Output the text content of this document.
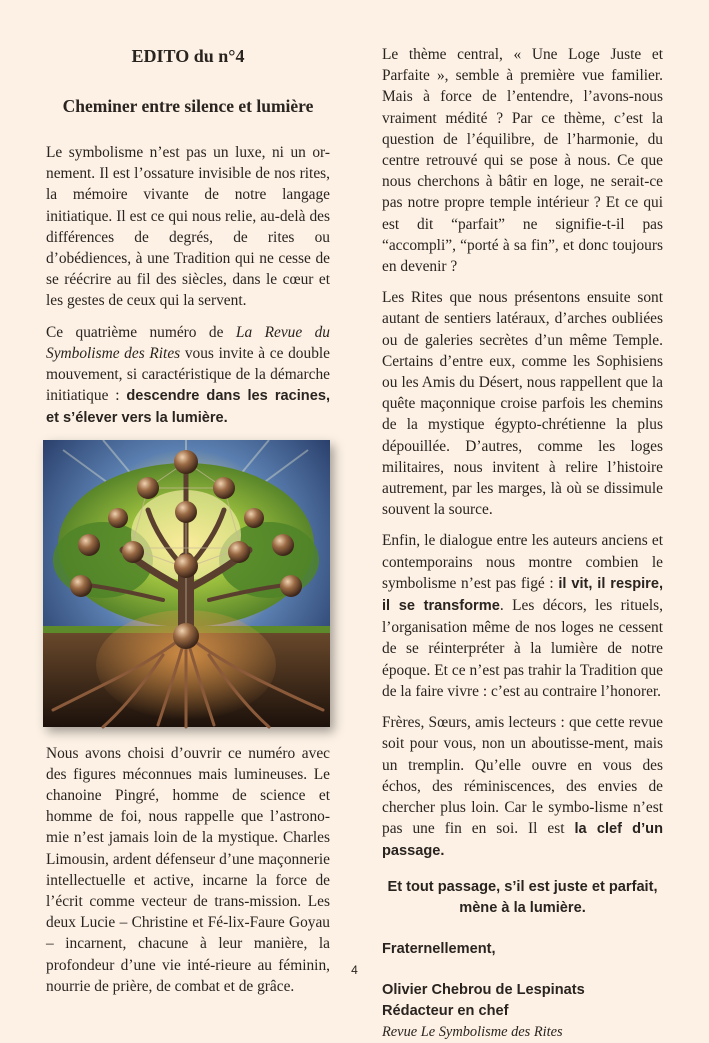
EDITO du n°4
Cheminer entre silence et lumière

Le symbolisme n’est pas un luxe, ni un or-nement. Il est l’ossature invisible de nos rites, la mémoire vivante de notre langage initiatique. Il est ce qui nous relie, au-delà des différences de degrés, de rites ou d’obédiences, à une Tradition qui ne cesse de se réécrire au fil des siècles, dans le cœur et les gestes de ceux qui la servent.

Ce quatrième numéro de La Revue du Symbolisme des Rites vous invite à ce double mouvement, si caractéristique de la démarche initiatique : descendre dans les racines, et s’élever vers la lumière.

Nous avons choisi d’ouvrir ce numéro avec des figures méconnues mais lumineuses. Le chanoine Pingré, homme de science et homme de foi, nous rappelle que l’astrono-mie n’est jamais loin de la mystique. Charles Limousin, ardent défenseur d’une maçonnerie intellectuelle et active, incarne la force de l’écrit comme vecteur de trans-mission. Les deux Lucie – Christine et Fé-lix-Faure Goyau – incarnent, chacune à leur manière, la profondeur d’une vie inté-rieure au féminin, nourrie de prière, de combat et de grâce.

Le thème central, « Une Loge Juste et Parfaite », semble à première vue familier. Mais à force de l’entendre, l’avons-nous vraiment médité ? Par ce thème, c’est la question de l’équilibre, de l’harmonie, du centre retrouvé qui se pose à nous. Ce que nous cherchons à bâtir en loge, ne serait-ce pas notre propre temple intérieur ? Et ce qui est dit “parfait” ne signifie-t-il pas “accompli”, “porté à sa fin”, et donc toujours en devenir ?

Les Rites que nous présentons ensuite sont autant de sentiers latéraux, d’arches oubliées ou de galeries secrètes d’un même Temple. Certains d’entre eux, comme les Sophisiens ou les Amis du Désert, nous rappellent que la quête maçonnique croise parfois les chemins de la mystique égypto-chrétienne la plus dépouillée. D’autres, comme les loges militaires, nous invitent à relire l’histoire autrement, par les marges, là où se dissimule souvent la source.

Enfin, le dialogue entre les auteurs anciens et contemporains nous montre combien le symbolisme n’est pas figé : il vit, il respire, il se transforme. Les décors, les rituels, l’organisation même de nos loges ne cessent de se réinterpréter à la lumière de notre époque. Et ce n’est pas trahir la Tradition que de la faire vivre : c’est au contraire l’honorer.

Frères, Sœurs, amis lecteurs : que cette revue soit pour vous, non un aboutisse-ment, mais un tremplin. Qu’elle ouvre en vous des échos, des réminiscences, des envies de chercher plus loin. Car le symbo-lisme n’est pas une fin en soi. Il est la clef d’un passage.

Et tout passage, s’il est juste et parfait,
mène à la lumière.
Fraternellement,
Olivier Chebrou de Lespinats
Rédacteur en chef
Revue Le Symbolisme des Rites
4
